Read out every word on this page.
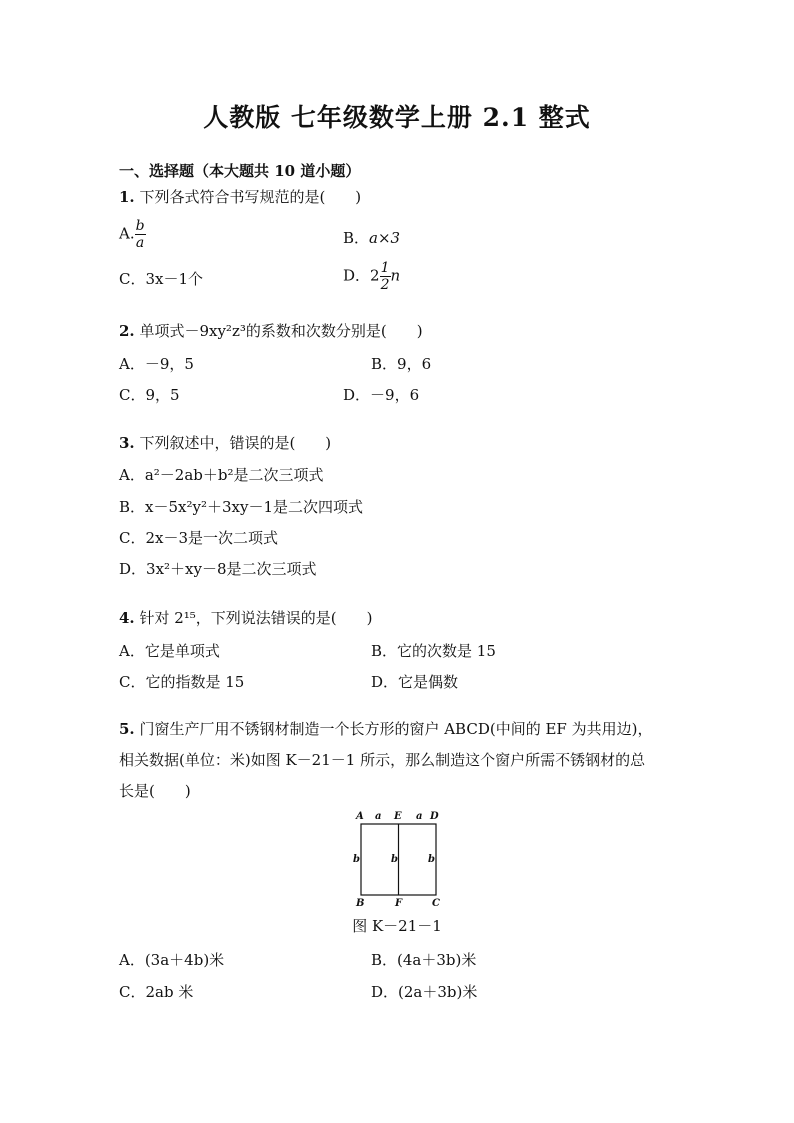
人教版 七年级数学上册 2.1 整式
一、选择题（本大题共 10 道小题）
1. 下列各式符合书写规范的是(　　)
A. $\frac{b}{a}$	B．a×3
C．3x－1个	D．$2 \frac{1}{2}$ n
2. 单项式－9xy²z³的系数和次数分别是(　　)
A．－9，5	B．9，6
C．9，5	D．－9，6
3. 下列叙述中，错误的是(　　)
A．a²－2ab＋b²是二次三项式
B．x－5x²y²＋3xy－1是二次四项式
C．2x－3是一次二项式
D．3x²＋xy－8是二次三项式
4. 针对 2¹⁵，下列说法错误的是(　　)
A．它是单项式	B．它的次数是 15
C．它的指数是 15	D．它是偶数
5. 门窗生产厂用不锈钢材制造一个长方形的窗户 ABCD(中间的 EF 为共用边)，
相关数据(单位：米)如图 K－21－1 所示，那么制造这个窗户所需不锈钢材的总
长是(　　)
A a E a D
b	b	b
B	F	C
图 K－21－1
A．(3a＋4b)米	B．(4a＋3b)米
C．2ab 米	D．(2a＋3b)米
